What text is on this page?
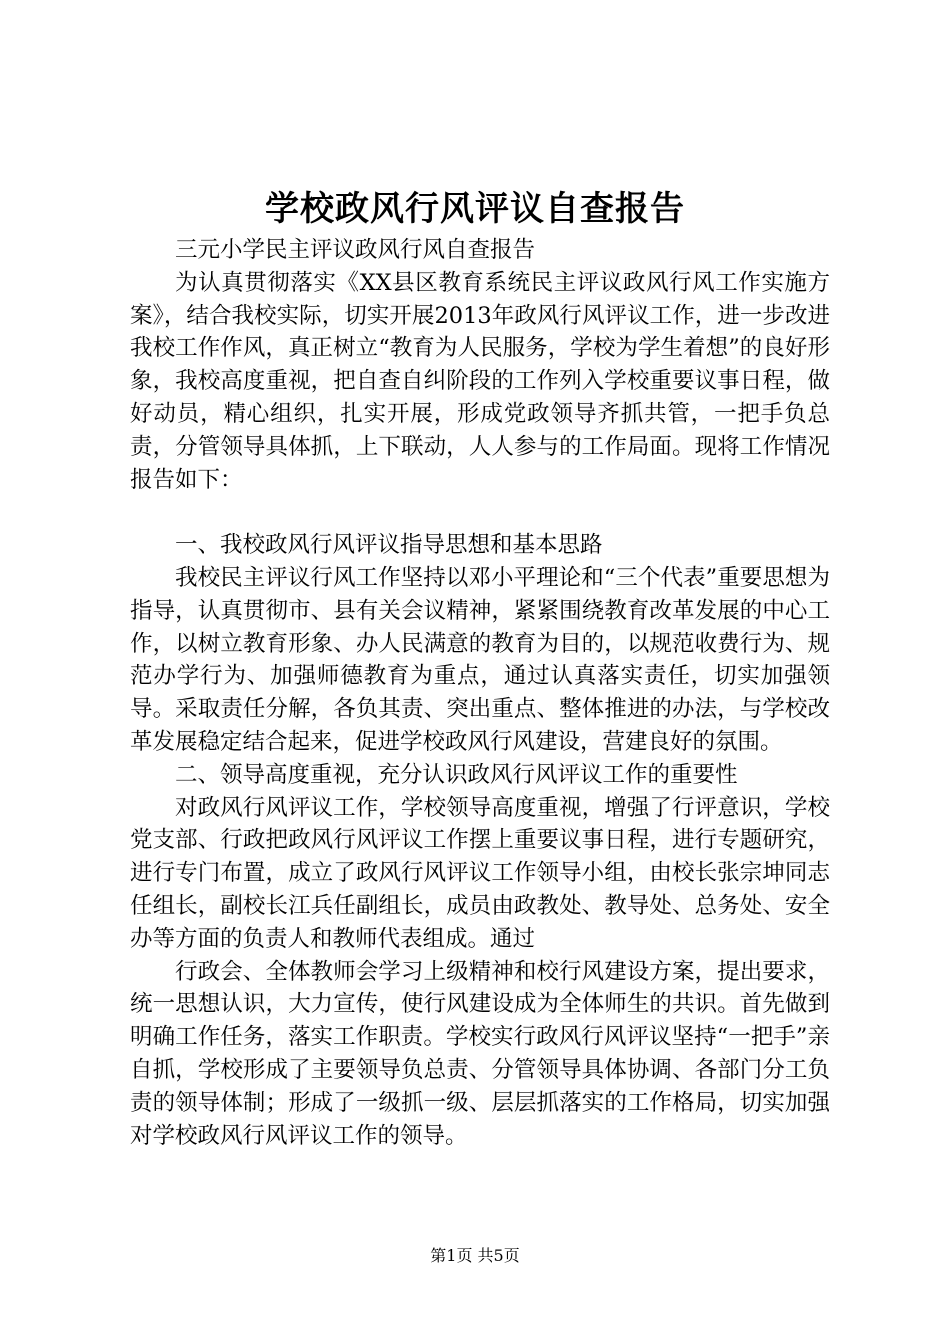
学校政风行风评议自查报告

三元小学民主评议政风行风自查报告

为认真贯彻落实《XX县区教育系统民主评议政风行风工作实施方案》，结合我校实际，切实开展2013年政风行风评议工作，进一步改进我校工作作风，真正树立“教育为人民服务，学校为学生着想”的良好形象，我校高度重视，把自查自纠阶段的工作列入学校重要议事日程，做好动员，精心组织，扎实开展，形成党政领导齐抓共管，一把手负总责，分管领导具体抓，上下联动，人人参与的工作局面。现将工作情况报告如下：

一、我校政风行风评议指导思想和基本思路

我校民主评议行风工作坚持以邓小平理论和“三个代表”重要思想为指导，认真贯彻市、县有关会议精神，紧紧围绕教育改革发展的中心工作，以树立教育形象、办人民满意的教育为目的，以规范收费行为、规范办学行为、加强师德教育为重点，通过认真落实责任，切实加强领导。采取责任分解，各负其责、突出重点、整体推进的办法，与学校改革发展稳定结合起来，促进学校政风行风建设，营建良好的氛围。

二、领导高度重视，充分认识政风行风评议工作的重要性

对政风行风评议工作，学校领导高度重视，增强了行评意识，学校党支部、行政把政风行风评议工作摆上重要议事日程，进行专题研究，进行专门布置，成立了政风行风评议工作领导小组，由校长张宗坤同志任组长，副校长江兵任副组长，成员由政教处、教导处、总务处、安全办等方面的负责人和教师代表组成。通过

行政会、全体教师会学习上级精神和校行风建设方案，提出要求，统一思想认识，大力宣传，使行风建设成为全体师生的共识。首先做到明确工作任务，落实工作职责。学校实行政风行风评议坚持“一把手”亲自抓，学校形成了主要领导负总责、分管领导具体协调、各部门分工负责的领导体制；形成了一级抓一级、层层抓落实的工作格局，切实加强对学校政风行风评议工作的领导。

第1页 共5页
